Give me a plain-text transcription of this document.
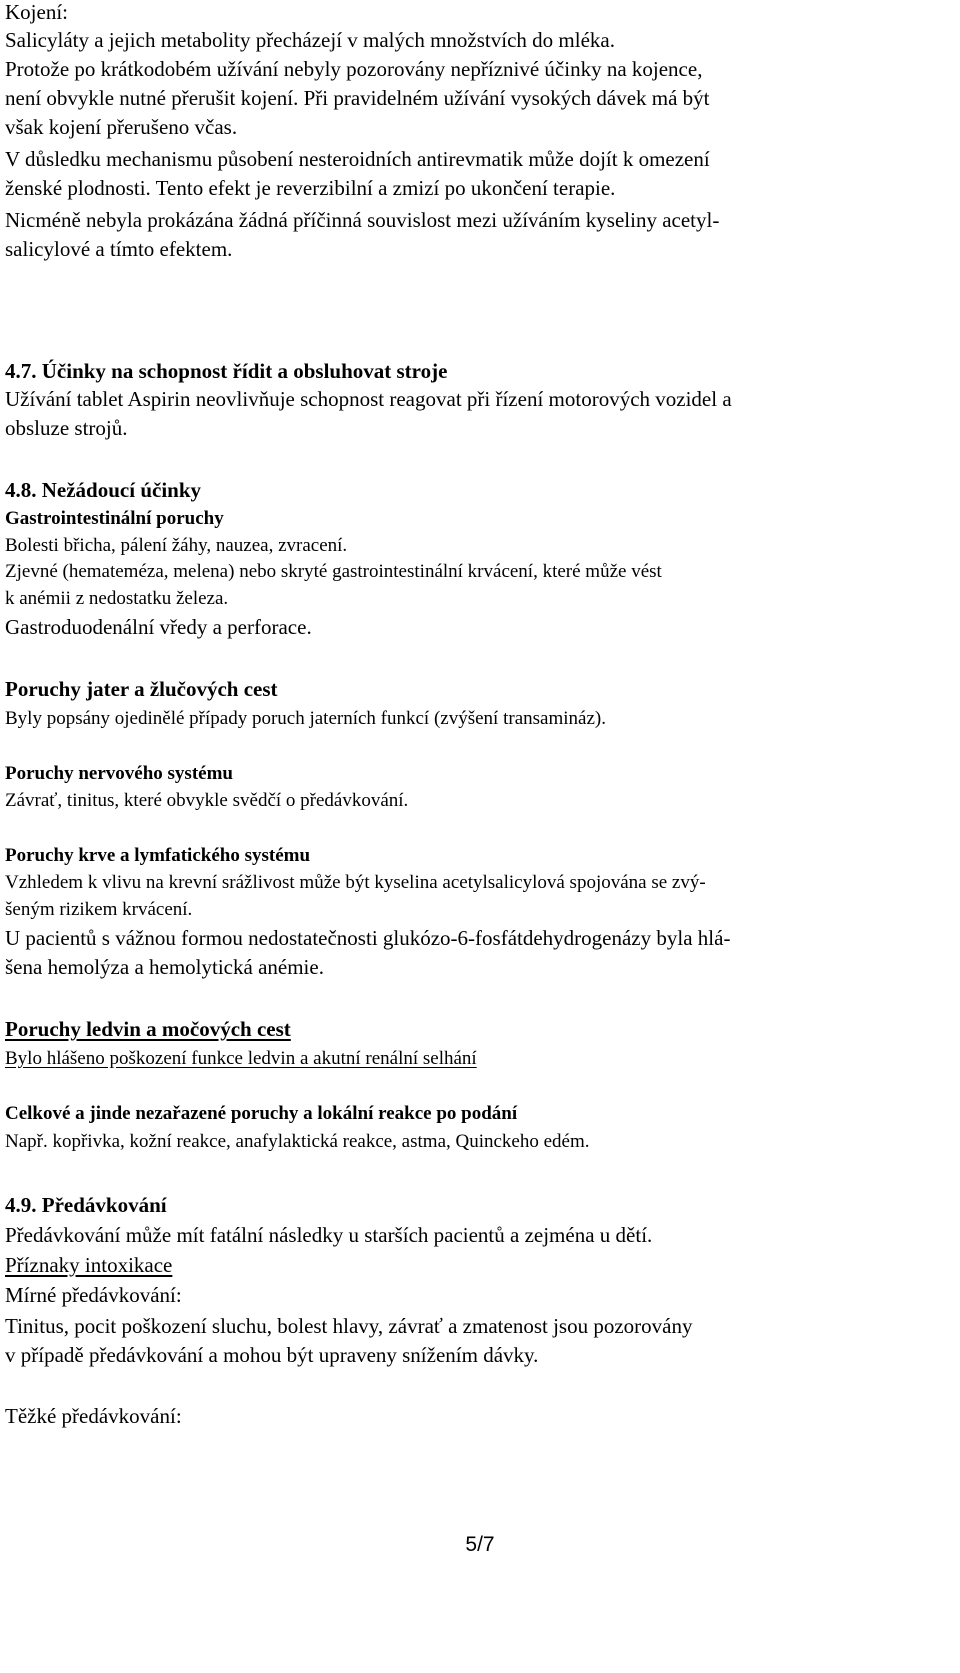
Kojení:
Salicyláty a jejich metabolity přecházejí v malých množstvích do mléka.
Protože po krátkodobém užívání nebyly pozorovány nepříznivé účinky na kojence,
není obvykle nutné přerušit kojení. Při pravidelném užívání vysokých dávek má být
však kojení přerušeno včas.
V důsledku mechanismu působení nesteroidních antirevmatik může dojít k omezení
ženské plodnosti. Tento efekt je reverzibilní a zmizí po ukončení terapie.
Nicméně nebyla prokázána žádná příčinná souvislost mezi užíváním kyseliny acetyl-
salicylové a tímto efektem.
4.7. Účinky na schopnost řídit a obsluhovat stroje
Užívání tablet Aspirin neovlivňuje schopnost reagovat při řízení motorových vozidel a
obsluze strojů.
4.8. Nežádoucí účinky
Gastrointestinální poruchy
Bolesti břicha, pálení žáhy, nauzea, zvracení.
Zjevné (hemateméza, melena) nebo skryté gastrointestinální krvácení, které může vést
k anémii z nedostatku železa.
Gastroduodenální vředy a perforace.
Poruchy jater a žlučových cest
Byly popsány ojedinělé případy poruch jaterních funkcí (zvýšení transamináz).
Poruchy nervového systému
Závrať, tinitus, které obvykle svědčí o předávkování.
Poruchy krve a lymfatického systému
Vzhledem k vlivu na krevní srážlivost může být kyselina acetylsalicylová spojována se zvý-
šeným rizikem krvácení.
U pacientů s vážnou formou nedostatečnosti glukózo-6-fosfátdehydrogenázy byla hlá-
šena hemolýza a hemolytická anémie.
Poruchy ledvin a močových cest
Bylo hlášeno poškození funkce ledvin a akutní renální selhání
Celkové a jinde nezařazené poruchy a lokální reakce po podání
Např. kopřivka, kožní reakce, anafylaktická reakce, astma, Quinckeho edém.
4.9. Předávkování
Předávkování může mít fatální následky u starších pacientů a zejména u dětí.
Příznaky intoxikace
Mírné předávkování:
Tinitus, pocit poškození sluchu, bolest hlavy, závrať a zmatenost jsou pozorovány
v případě předávkování a mohou být upraveny snížením dávky.
Těžké předávkování:
5/7
